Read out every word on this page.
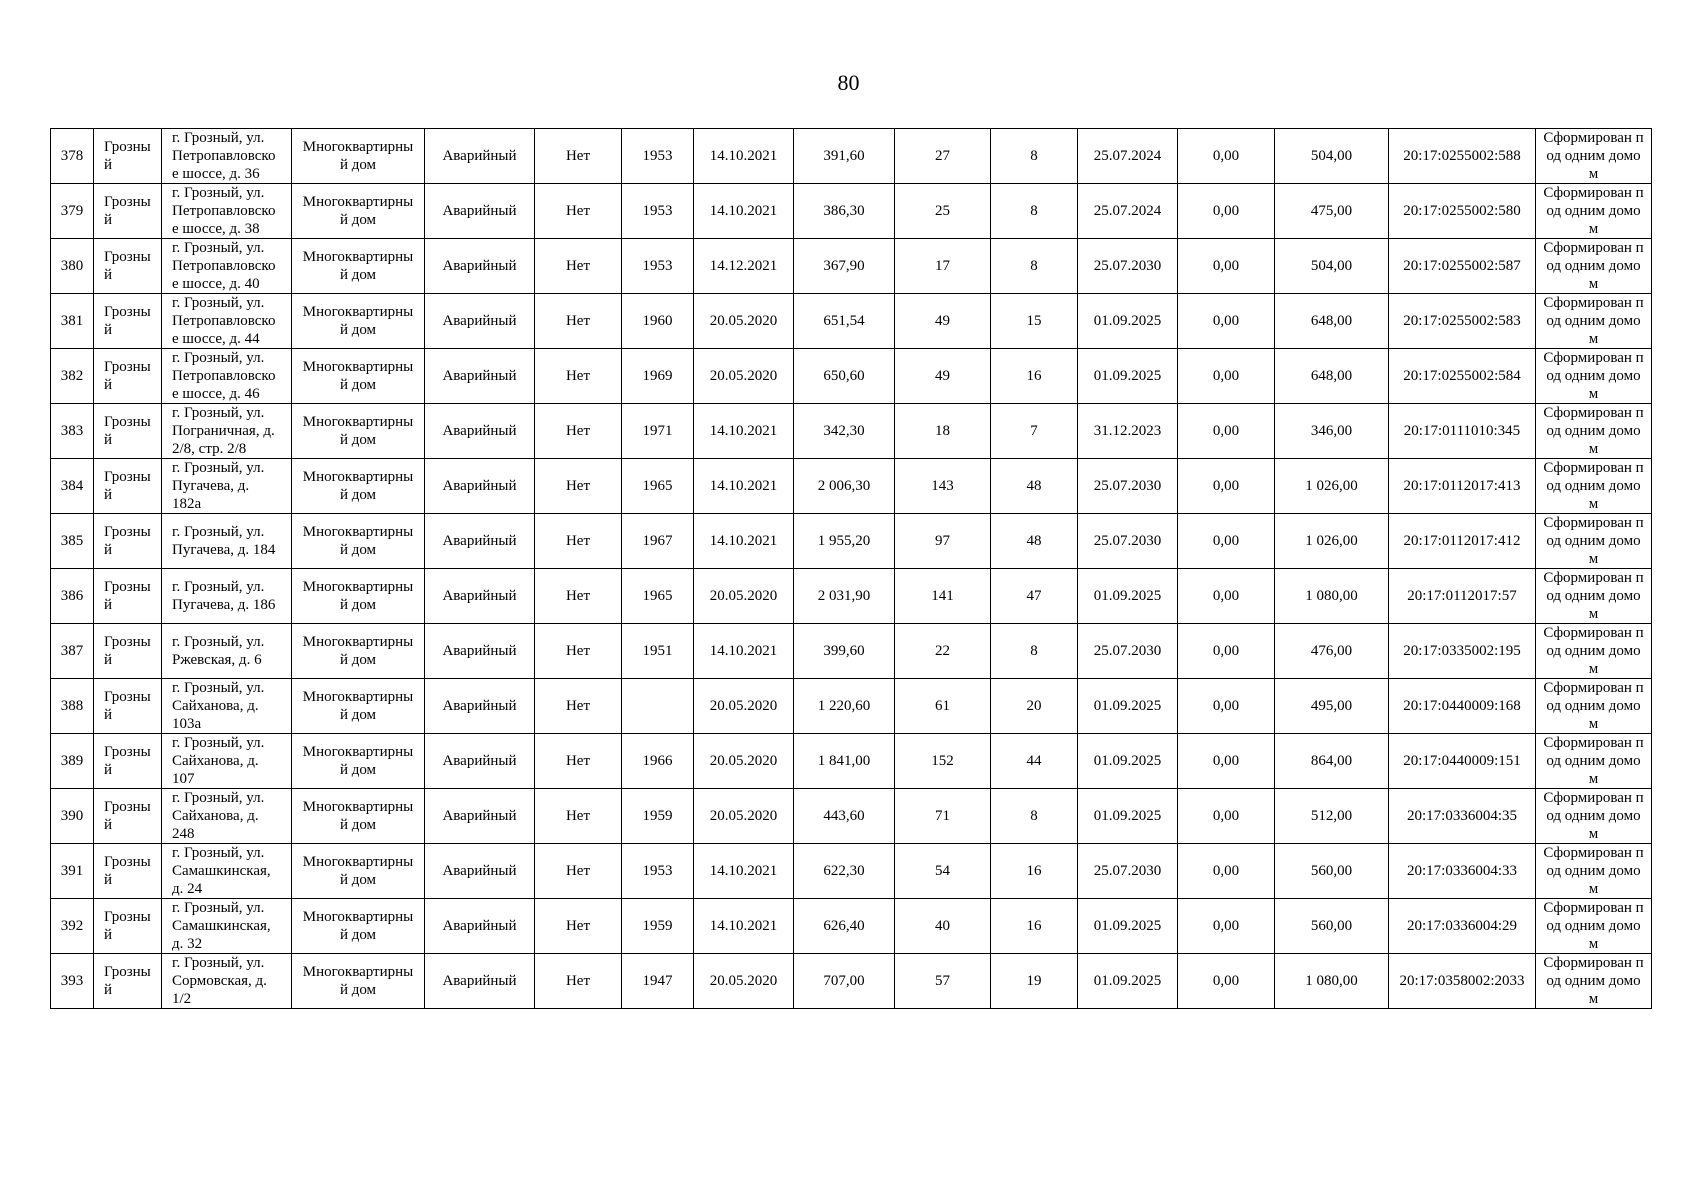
80
378	Грозный	г. Грозный, ул. Петропавловское шоссе, д. 36	Многоквартирный дом	Аварийный	Нет	1953	14.10.2021	391,60	27	8	25.07.2024	0,00	504,00	20:17:0255002:588	Сформирован под одним домом
379	Грозный	г. Грозный, ул. Петропавловское шоссе, д. 38	Многоквартирный дом	Аварийный	Нет	1953	14.10.2021	386,30	25	8	25.07.2024	0,00	475,00	20:17:0255002:580	Сформирован под одним домом
380	Грозный	г. Грозный, ул. Петропавловское шоссе, д. 40	Многоквартирный дом	Аварийный	Нет	1953	14.12.2021	367,90	17	8	25.07.2030	0,00	504,00	20:17:0255002:587	Сформирован под одним домом
381	Грозный	г. Грозный, ул. Петропавловское шоссе, д. 44	Многоквартирный дом	Аварийный	Нет	1960	20.05.2020	651,54	49	15	01.09.2025	0,00	648,00	20:17:0255002:583	Сформирован под одним домом
382	Грозный	г. Грозный, ул. Петропавловское шоссе, д. 46	Многоквартирный дом	Аварийный	Нет	1969	20.05.2020	650,60	49	16	01.09.2025	0,00	648,00	20:17:0255002:584	Сформирован под одним домом
383	Грозный	г. Грозный, ул. Пограничная, д. 2/8, стр. 2/8	Многоквартирный дом	Аварийный	Нет	1971	14.10.2021	342,30	18	7	31.12.2023	0,00	346,00	20:17:0111010:345	Сформирован под одним домом
384	Грозный	г. Грозный, ул. Пугачева, д. 182а	Многоквартирный дом	Аварийный	Нет	1965	14.10.2021	2 006,30	143	48	25.07.2030	0,00	1 026,00	20:17:0112017:413	Сформирован под одним домом
385	Грозный	г. Грозный, ул. Пугачева, д. 184	Многоквартирный дом	Аварийный	Нет	1967	14.10.2021	1 955,20	97	48	25.07.2030	0,00	1 026,00	20:17:0112017:412	Сформирован под одним домом
386	Грозный	г. Грозный, ул. Пугачева, д. 186	Многоквартирный дом	Аварийный	Нет	1965	20.05.2020	2 031,90	141	47	01.09.2025	0,00	1 080,00	20:17:0112017:57	Сформирован под одним домом
387	Грозный	г. Грозный, ул. Ржевская, д. 6	Многоквартирный дом	Аварийный	Нет	1951	14.10.2021	399,60	22	8	25.07.2030	0,00	476,00	20:17:0335002:195	Сформирован под одним домом
388	Грозный	г. Грозный, ул. Сайханова, д. 103а	Многоквартирный дом	Аварийный	Нет		20.05.2020	1 220,60	61	20	01.09.2025	0,00	495,00	20:17:0440009:168	Сформирован под одним домом
389	Грозный	г. Грозный, ул. Сайханова, д. 107	Многоквартирный дом	Аварийный	Нет	1966	20.05.2020	1 841,00	152	44	01.09.2025	0,00	864,00	20:17:0440009:151	Сформирован под одним домом
390	Грозный	г. Грозный, ул. Сайханова, д. 248	Многоквартирный дом	Аварийный	Нет	1959	20.05.2020	443,60	71	8	01.09.2025	0,00	512,00	20:17:0336004:35	Сформирован под одним домом
391	Грозный	г. Грозный, ул. Самашкинская, д. 24	Многоквартирный дом	Аварийный	Нет	1953	14.10.2021	622,30	54	16	25.07.2030	0,00	560,00	20:17:0336004:33	Сформирован под одним домом
392	Грозный	г. Грозный, ул. Самашкинская, д. 32	Многоквартирный дом	Аварийный	Нет	1959	14.10.2021	626,40	40	16	01.09.2025	0,00	560,00	20:17:0336004:29	Сформирован под одним домом
393	Грозный	г. Грозный, ул. Сормовская, д. 1/2	Многоквартирный дом	Аварийный	Нет	1947	20.05.2020	707,00	57	19	01.09.2025	0,00	1 080,00	20:17:0358002:2033	Сформирован под одним домом
